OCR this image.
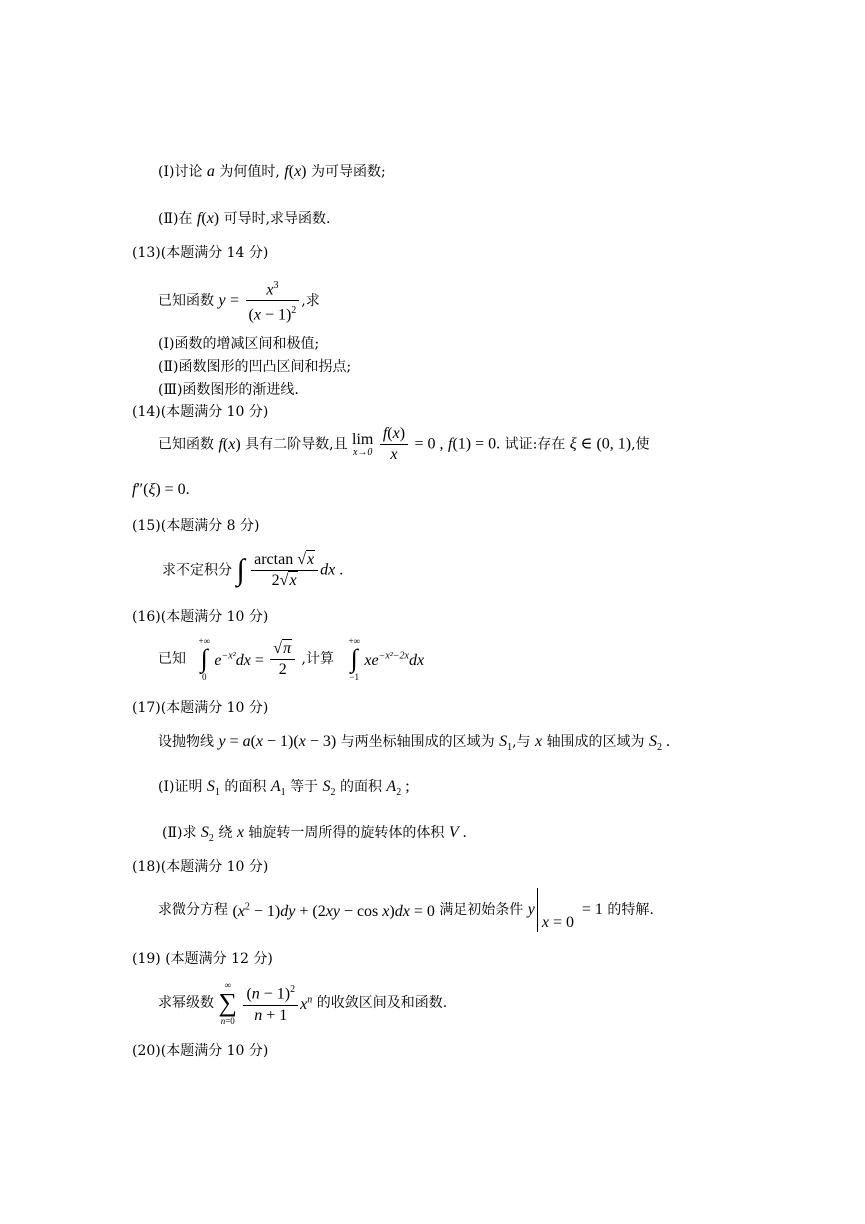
(Ⅰ)讨论 a 为何值时, f(x) 为可导函数;
(Ⅱ)在 f(x) 可导时,求导函数.
(13)(本题满分 14 分)
已知函数 $y = \frac{x^3}{(x - 1)^2}$ ,求
(Ⅰ)函数的增减区间和极值;
(Ⅱ)函数图形的凹凸区间和拐点;
(Ⅲ)函数图形的渐进线.
(14)(本题满分 10 分)
已知函数 f(x) 具有二阶导数,且 lim
x→0
$\frac{f(x)}{x} = 0$ , f(1) = 0. 试证:存在 ξ ∈ (0, 1),使
f″(ξ) = 0.
(15)(本题满分 8 分)
求不定积分 ∫ $\frac{\arctan √x}{2√x}$ dx .
(16)(本题满分 10 分)
已知
+∞
∫
0
$e^{-x^2}dx = \frac{√\pi}{2}$ ,计算
+∞
∫
−1
$xe^{-x^2-2x}dx$
(17)(本题满分 10 分)
设抛物线 y = a(x − 1)(x − 3) 与两坐标轴围成的区域为 $S_1$,与 x 轴围成的区域为 $S_2$ .
(Ⅰ)证明 $S_1$ 的面积 $A_1$ 等于 $S_2$ 的面积 $A_2$ ;
(Ⅱ)求 $S_2$ 绕 x 轴旋转一周所得的旋转体的体积 V .
(18)(本题满分 10 分)
求微分方程 $(x^2 - 1)dy + (2xy - \cos x)dx = 0$ 满足初始条件 y
x = 0
= 1 的特解.
(19) (本题满分 12 分)
求幂级数
∞
∑
n=0
$\frac{(n - 1)^2}{n + 1} x^n$ 的收敛区间及和函数.
(20)(本题满分 10 分)
